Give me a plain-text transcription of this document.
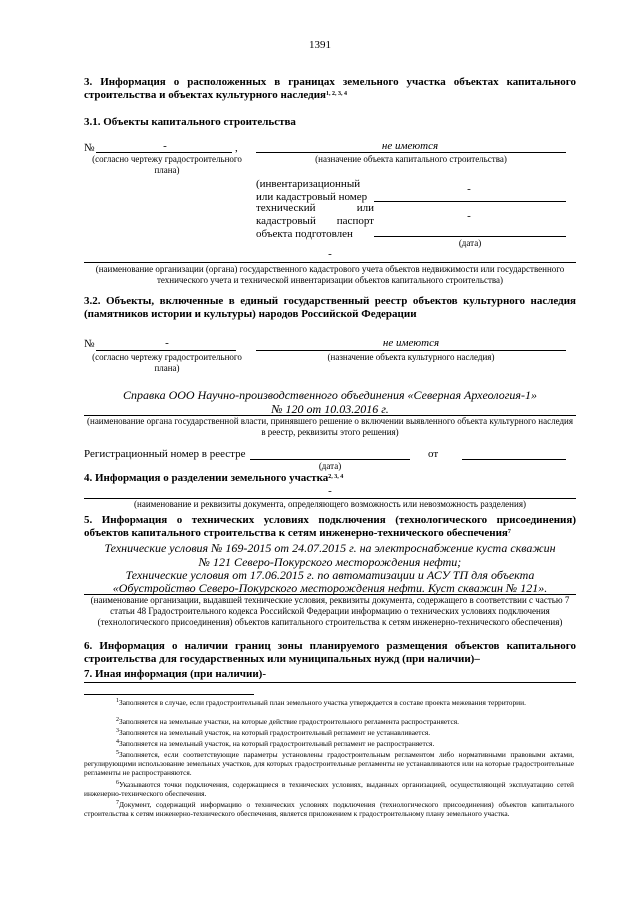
1391
3. Информация о расположенных в границах земельного участка объектах капитального строительства и объектах культурного наследия$^{1, 2, 3, 4}$
3.1. Объекты капитального строительства
№	-	,	не имеются
(согласно чертежу градостроительного плана)
(назначение объекта капитального строительства)
(инвентаризационный или кадастровый номер
-
технический или кадастровый паспорт объекта подготовлен
-
(дата)
-
(наименование организации (органа) государственного кадастрового учета объектов недвижимости или государственного технического учета и технической инвентаризации объектов капитального строительства)
3.2. Объекты, включенные в единый государственный реестр объектов культурного наследия (памятников истории и культуры) народов Российской Федерации
№	-	не имеются
(согласно чертежу градостроительного плана)
(назначение объекта культурного наследия)
Справка ООО Научно-производственного объединения «Северная Археология-1»
№ 120 от 10.03.2016 г.
(наименование органа государственной власти, принявшего решение о включении выявленного объекта культурного наследия в реестр, реквизиты этого решения)
Регистрационный номер в реестре	от
(дата)
4. Информация о разделении земельного участка$^{2, 3, 4}$
-
(наименование и реквизиты документа, определяющего возможность или невозможность разделения)
5. Информация о технических условиях подключения (технологического присоединения) объектов капитального строительства к сетям инженерно-технического обеспечения$^7$
Технические условия № 169-2015 от 24.07.2015 г. на электроснабжение куста скважин
№ 121 Северо-Покурского месторождения нефти;
Технические условия от 17.06.2015 г. по автоматизации и АСУ ТП для объекта
«Обустройство Северо-Покурского месторождения нефти. Куст скважин № 121».
(наименование организации, выдавшей технические условия, реквизиты документа, содержащего в соответствии с частью 7 статьи 48 Градостроительного кодекса Российской Федерации информацию о технических условиях подключения (технологического присоединения) объектов капитального строительства к сетям инженерно-технического обеспечения)
6. Информация о наличии границ зоны планируемого размещения объектов капитального строительства для государственных или муниципальных нужд (при наличии)–
7. Иная информация (при наличии)-
$^1$Заполняется в случае, если градостроительный план земельного участка утверждается в составе проекта межевания территории.
$^2$Заполняется на земельные участки, на которые действие градостроительного регламента распространяется.
$^3$Заполняется на земельный участок, на который градостроительный регламент не устанавливается.
$^4$Заполняется на земельный участок, на который градостроительный регламент не распространяется.
$^5$Заполняется, если соответствующие параметры установлены градостроительным регламентом либо нормативными правовыми актами, регулирующими использование земельных участков, для которых градостроительные регламенты не устанавливаются или на которые градостроительные регламенты не распространяются.
$^6$Указываются точки подключения, содержащиеся в технических условиях, выданных организацией, осуществляющей эксплуатацию сетей инженерно-технического обеспечения.
$^7$Документ, содержащий информацию о технических условиях подключения (технологического присоединения) объектов капитального строительства к сетям инженерно-технического обеспечения, является приложением к градостроительному плану земельного участка.
